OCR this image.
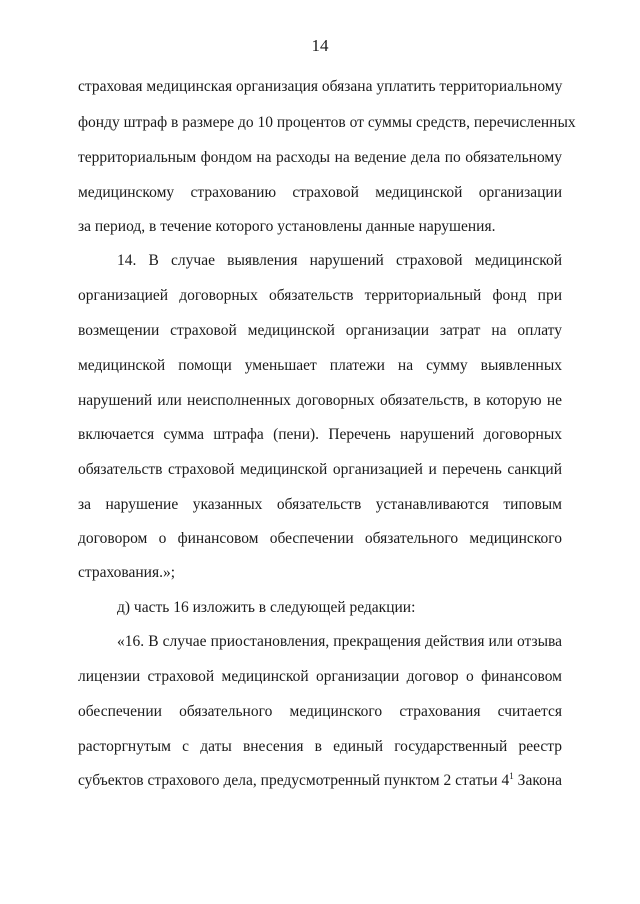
14
страховая медицинская организация обязана уплатить территориальному
фонду штраф в размере до 10 процентов от суммы средств, перечисленных
территориальным фондом на расходы на ведение дела по обязательному
медицинскому страхованию страховой медицинской организации
за период, в течение которого установлены данные нарушения.
14. В случае выявления нарушений страховой медицинской
организацией договорных обязательств территориальный фонд при
возмещении страховой медицинской организации затрат на оплату
медицинской помощи уменьшает платежи на сумму выявленных
нарушений или неисполненных договорных обязательств, в которую не
включается сумма штрафа (пени). Перечень нарушений договорных
обязательств страховой медицинской организацией и перечень санкций
за нарушение указанных обязательств устанавливаются типовым
договором о финансовом обеспечении обязательного медицинского
страхования.»;
д) часть 16 изложить в следующей редакции:
«16. В случае приостановления, прекращения действия или отзыва
лицензии страховой медицинской организации договор о финансовом
обеспечении обязательного медицинского страхования считается
расторгнутым с даты внесения в единый государственный реестр
субъектов страхового дела, предусмотренный пунктом 2 статьи $4^1$ Закона
